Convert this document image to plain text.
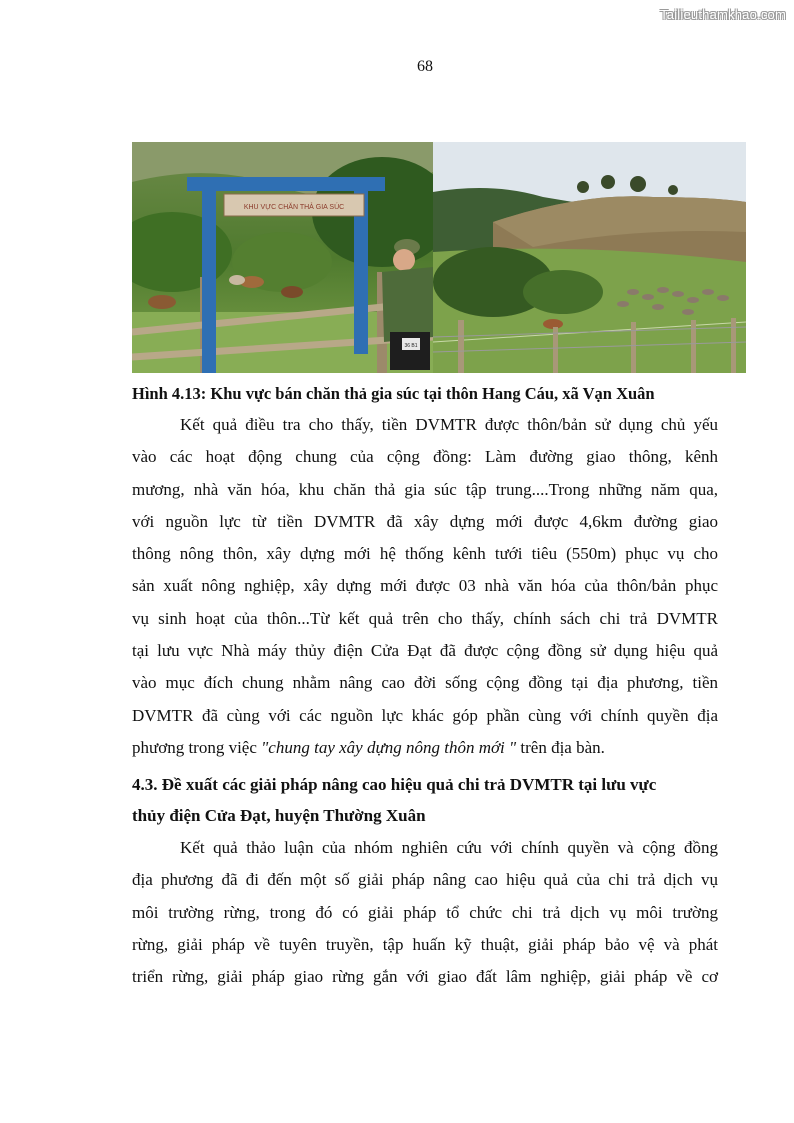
Tailieuthamkhao.com
68
KHU VỰC CHĂN THẢ GIA SÚC
36 B1
Hình 4.13: Khu vực bán chăn thả gia súc tại thôn Hang Cáu, xã Vạn Xuân
Kết quả điều tra cho thấy, tiền DVMTR được thôn/bản sử dụng chủ yếu
vào các hoạt động chung của cộng đồng: Làm đường giao thông, kênh
mương, nhà văn hóa, khu chăn thả gia súc tập trung....Trong những năm qua,
với nguồn lực từ tiền DVMTR đã xây dựng mới được 4,6km đường giao
thông nông thôn, xây dựng mới hệ thống kênh tưới tiêu (550m) phục vụ cho
sản xuất nông nghiệp, xây dựng mới được 03 nhà văn hóa của thôn/bản phục
vụ sinh hoạt của thôn...Từ kết quả trên cho thấy, chính sách chi trả DVMTR
tại lưu vực Nhà máy thủy điện Cửa Đạt đã được cộng đồng sử dụng hiệu quả
vào mục đích chung nhằm nâng cao đời sống cộng đồng tại địa phương, tiền
DVMTR đã cùng với các nguồn lực khác góp phần cùng với chính quyền địa
phương trong việc "chung tay xây dựng nông thôn mới " trên địa bàn.
4.3. Đề xuất các giải pháp nâng cao hiệu quả chi trả DVMTR tại lưu vực
thủy điện Cửa Đạt, huyện Thường Xuân
Kết quả thảo luận của nhóm nghiên cứu với chính quyền và cộng đồng
địa phương đã đi đến một số giải pháp nâng cao hiệu quả của chi trả dịch vụ
môi trường rừng, trong đó có giải pháp tổ chức chi trả dịch vụ môi trường
rừng, giải pháp về tuyên truyền, tập huấn kỹ thuật, giải pháp bảo vệ và phát
triển rừng, giải pháp giao rừng gắn với giao đất lâm nghiệp, giải pháp về cơ
